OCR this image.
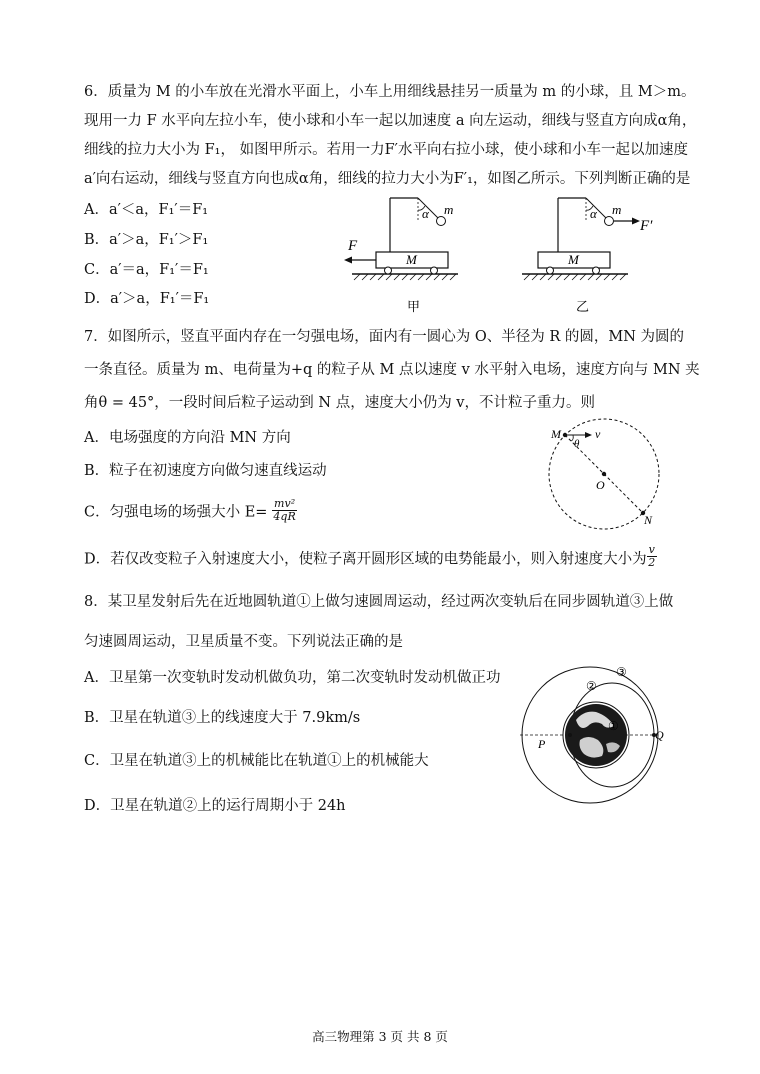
6．质量为 M 的小车放在光滑水平面上，小车上用细线悬挂另一质量为 m 的小球，且 M＞m。
现用一力 F 水平向左拉小车，使小球和小车一起以加速度 a 向左运动，细线与竖直方向成α角，
细线的拉力大小为 F₁， 如图甲所示。若用一力F′水平向右拉小球，使小球和小车一起以加速度
a′向右运动，细线与竖直方向也成α角，细线的拉力大小为F′₁，如图乙所示。下列判断正确的是
A．a′＜a，F₁′＝F₁
B．a′＞a，F₁′＞F₁
C．a′＝a，F₁′＝F₁
D．a′＞a，F₁′＝F₁
M
m
α
F
甲
M
m
α
F′
乙
7．如图所示，竖直平面内存在一匀强电场，面内有一圆心为 O、半径为 R 的圆，MN 为圆的
一条直径。质量为 m、电荷量为+q 的粒子从 M 点以速度 v 水平射入电场，速度方向与 MN 夹
角θ = 45°，一段时间后粒子运动到 N 点，速度大小仍为 v，不计粒子重力。则
A．电场强度的方向沿 MN 方向
B．粒子在初速度方向做匀速直线运动
C．匀强电场的场强大小 $E= \frac{\text{mv²}}{4qR}$
D．若仅改变粒子入射速度大小，使粒子离开圆形区域的电势能最小，则入射速度大小为 $\frac{v}{2}$
M	v
θ
O
N
8．某卫星发射后先在近地圆轨道①上做匀速圆周运动，经过两次变轨后在同步圆轨道③上做
匀速圆周运动，卫星质量不变。下列说法正确的是
A．卫星第一次变轨时发动机做负功，第二次变轨时发动机做正功
B．卫星在轨道③上的线速度大于 7.9km/s
C．卫星在轨道③上的机械能比在轨道①上的机械能大
D．卫星在轨道②上的运行周期小于 24h
P
Q
①
②
③
高三物理第 3 页 共 8 页
